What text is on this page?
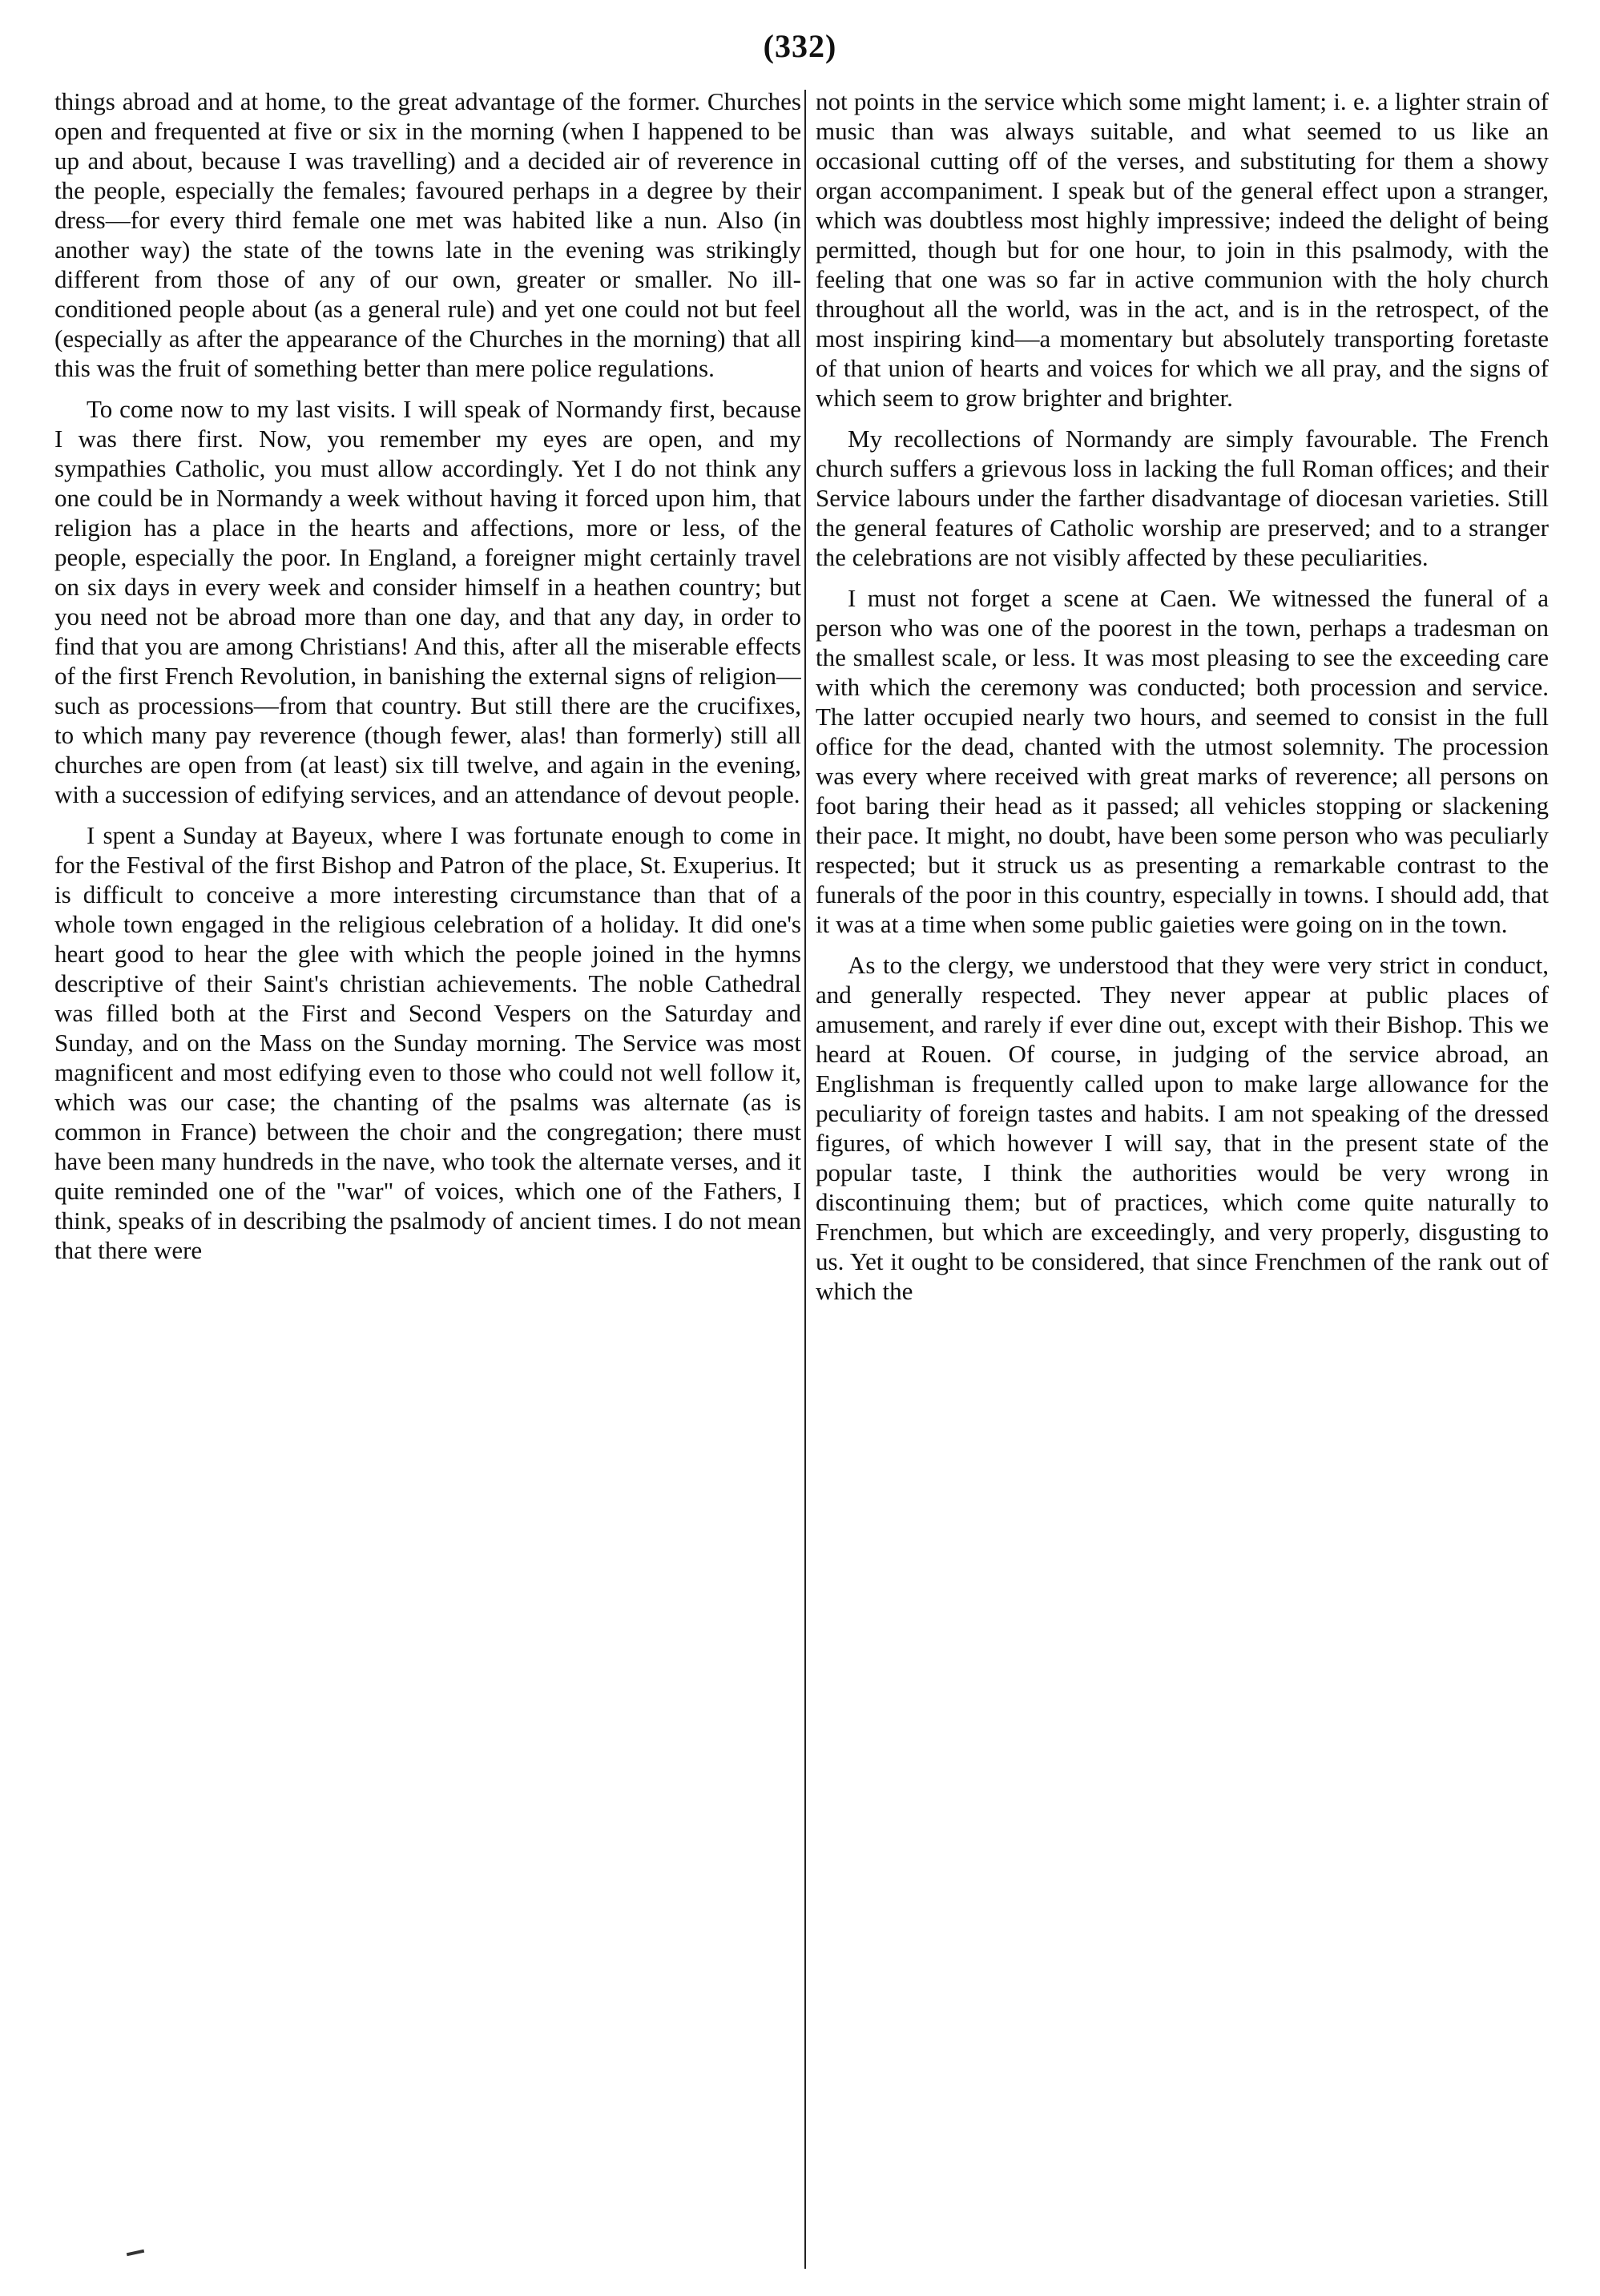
(332)

things abroad and at home, to the great advantage of the former. Churches open and frequented at five or six in the morning (when I happened to be up and about, because I was travelling) and a decided air of reverence in the people, especially the females; favoured perhaps in a degree by their dress—for every third female one met was habited like a nun. Also (in another way) the state of the towns late in the evening was strikingly different from those of any of our own, greater or smaller. No ill-conditioned people about (as a general rule) and yet one could not but feel (especially as after the appearance of the Churches in the morning) that all this was the fruit of something better than mere police regulations.

To come now to my last visits. I will speak of Normandy first, because I was there first. Now, you remember my eyes are open, and my sympathies Catholic, you must allow accordingly. Yet I do not think any one could be in Normandy a week without having it forced upon him, that religion has a place in the hearts and affections, more or less, of the people, especially the poor. In England, a foreigner might certainly travel on six days in every week and consider himself in a heathen country; but you need not be abroad more than one day, and that any day, in order to find that you are among Christians! And this, after all the miserable effects of the first French Revolution, in banishing the external signs of religion—such as processions—from that country. But still there are the crucifixes, to which many pay reverence (though fewer, alas! than formerly) still all churches are open from (at least) six till twelve, and again in the evening, with a succession of edifying services, and an attendance of devout people.

I spent a Sunday at Bayeux, where I was fortunate enough to come in for the Festival of the first Bishop and Patron of the place, St. Exuperius. It is difficult to conceive a more interesting circumstance than that of a whole town engaged in the religious celebration of a holiday. It did one's heart good to hear the glee with which the people joined in the hymns descriptive of their Saint's christian achievements. The noble Cathedral was filled both at the First and Second Vespers on the Saturday and Sunday, and on the Mass on the Sunday morning. The Service was most magnificent and most edifying even to those who could not well follow it, which was our case; the chanting of the psalms was alternate (as is common in France) between the choir and the congregation; there must have been many hundreds in the nave, who took the alternate verses, and it quite reminded one of the "war" of voices, which one of the Fathers, I think, speaks of in describing the psalmody of ancient times. I do not mean that there were

not points in the service which some might lament; i. e. a lighter strain of music than was always suitable, and what seemed to us like an occasional cutting off of the verses, and substituting for them a showy organ accompaniment. I speak but of the general effect upon a stranger, which was doubtless most highly impressive; indeed the delight of being permitted, though but for one hour, to join in this psalmody, with the feeling that one was so far in active communion with the holy church throughout all the world, was in the act, and is in the retrospect, of the most inspiring kind—a momentary but absolutely transporting foretaste of that union of hearts and voices for which we all pray, and the signs of which seem to grow brighter and brighter.

My recollections of Normandy are simply favourable. The French church suffers a grievous loss in lacking the full Roman offices; and their Service labours under the farther disadvantage of diocesan varieties. Still the general features of Catholic worship are preserved; and to a stranger the celebrations are not visibly affected by these peculiarities.

I must not forget a scene at Caen. We witnessed the funeral of a person who was one of the poorest in the town, perhaps a tradesman on the smallest scale, or less. It was most pleasing to see the exceeding care with which the ceremony was conducted; both procession and service. The latter occupied nearly two hours, and seemed to consist in the full office for the dead, chanted with the utmost solemnity. The procession was every where received with great marks of reverence; all persons on foot baring their head as it passed; all vehicles stopping or slackening their pace. It might, no doubt, have been some person who was peculiarly respected; but it struck us as presenting a remarkable contrast to the funerals of the poor in this country, especially in towns. I should add, that it was at a time when some public gaieties were going on in the town.

As to the clergy, we understood that they were very strict in conduct, and generally respected. They never appear at public places of amusement, and rarely if ever dine out, except with their Bishop. This we heard at Rouen. Of course, in judging of the service abroad, an Englishman is frequently called upon to make large allowance for the peculiarity of foreign tastes and habits. I am not speaking of the dressed figures, of which however I will say, that in the present state of the popular taste, I think the authorities would be very wrong in discontinuing them; but of practices, which come quite naturally to Frenchmen, but which are exceedingly, and very properly, disgusting to us. Yet it ought to be considered, that since Frenchmen of the rank out of which the
